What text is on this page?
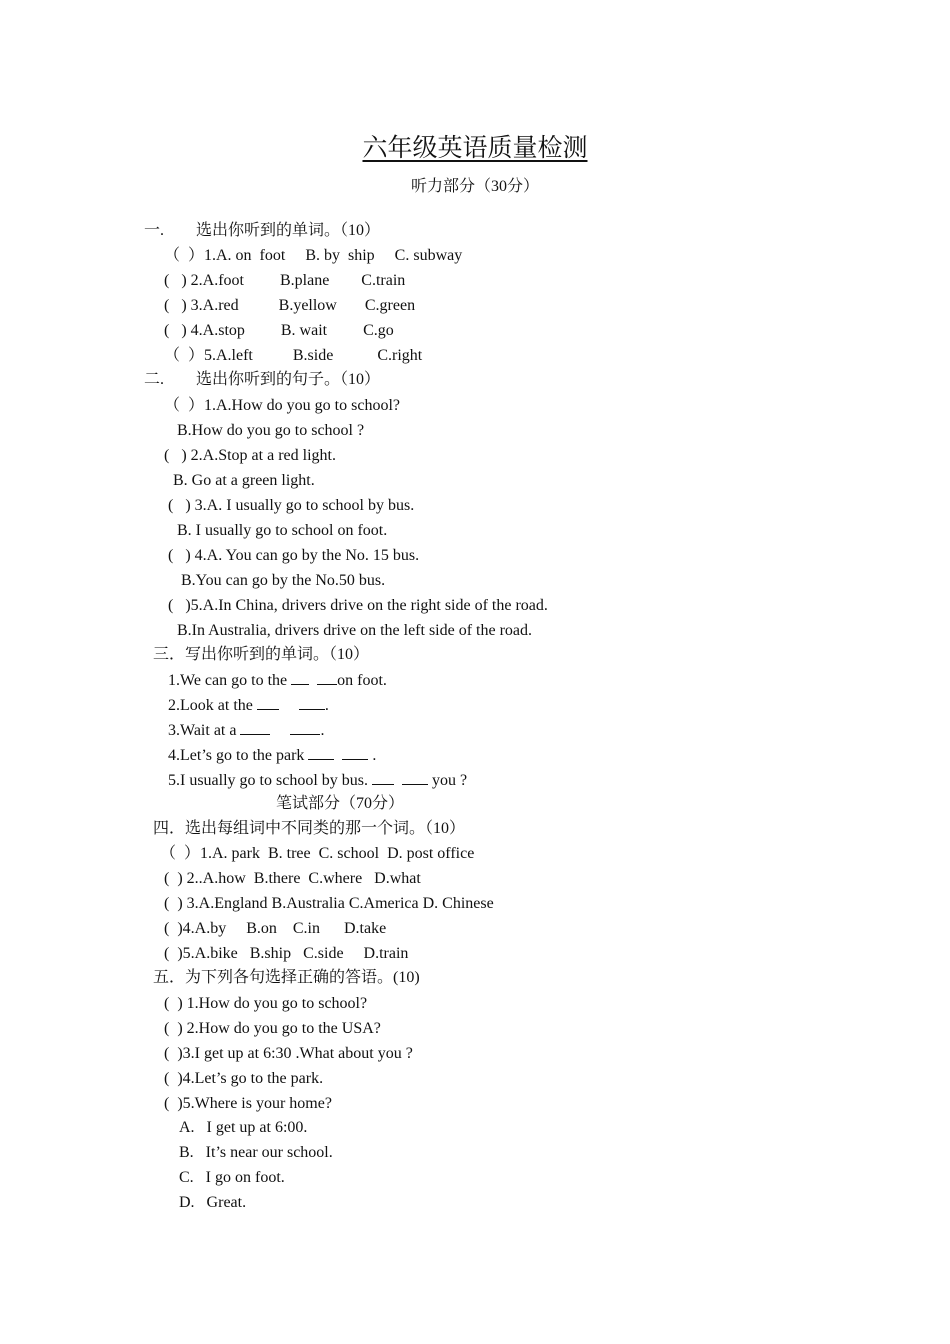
六年级英语质量检测
听力部分（30分）
一.        选出你听到的单词。（10）
（  ）1.A. on  foot     B. by  ship     C. subway
(   ) 2.A.foot         B.plane        C.train
(   ) 3.A.red          B.yellow       C.green
(   ) 4.A.stop         B. wait         C.go
（  ）5.A.left          B.side           C.right
二.        选出你听到的句子。（10）
（  ）1.A.How do you go to school?
B.How do you go to school ?
(   ) 2.A.Stop at a red light.
B. Go at a green light.
(   ) 3.A. I usually go to school by bus.
B. I usually go to school on foot.
(   ) 4.A. You can go by the No. 15 bus.
B.You can go by the No.50 bus.
(   )5.A.In China, drivers drive on the right side of the road.
B.In Australia, drivers drive on the left side of the road.
三．写出你听到的单词。（10）
1.We can go to the	on foot.
2.Look at the	.
3.Wait at a	.
4.Let’s go to the park	.
5.I usually go to school by bus.	you ?
笔试部分（70分）
四．选出每组词中不同类的那一个词。（10）
（  ）1.A. park  B. tree  C. school  D. post office
(  ) 2..A.how  B.there  C.where   D.what
(  ) 3.A.England B.Australia C.America D. Chinese
(  )4.A.by     B.on    C.in      D.take
(  )5.A.bike   B.ship   C.side     D.train
五．为下列各句选择正确的答语。(10)
(  ) 1.How do you go to school?
(  ) 2.How do you go to the USA?
(  )3.I get up at 6:30 .What about you ?
(  )4.Let’s go to the park.
(  )5.Where is your home?
A.   I get up at 6:00.
B.   It’s near our school.
C.   I go on foot.
D.   Great.
